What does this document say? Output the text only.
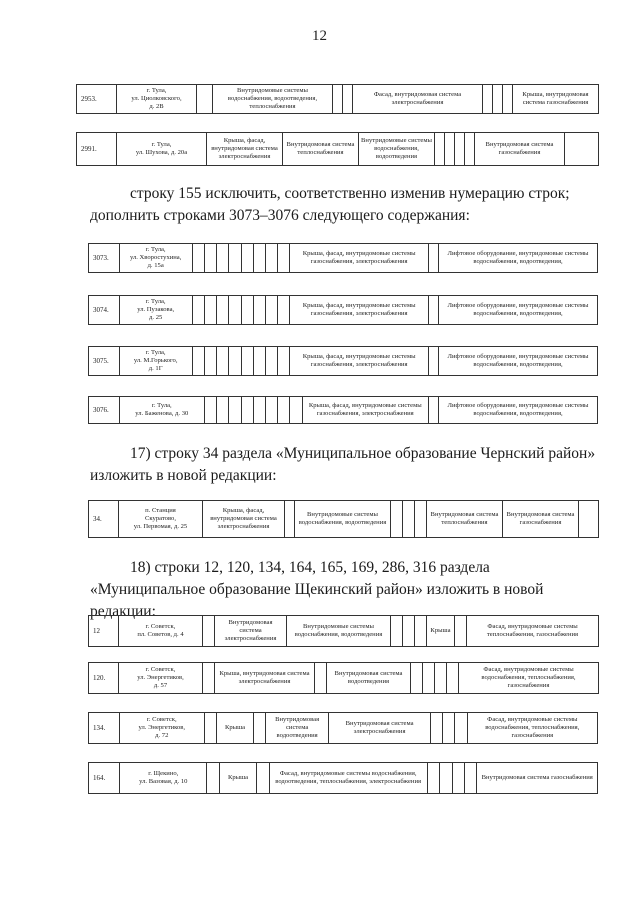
12
2953.	г. Тула,
ул. Циолковского,
д. 2В		Внутридомовые системы водоснабжения, водоотведения, теплоснабжения			Фасад, внутридомовая система электроснабжения				Крыша, внутридомовая система газоснабжения
2991.	г. Тула,
ул. Шухова, д. 20а	Крыша, фасад, внутридомовая система электроснабжения	Внутридомовая система теплоснабжения	Внутридомовые системы водоснабжения, водоотведения					Внутридомовая система газоснабжения	
строку 155 исключить, соответственно изменив нумерацию строк; дополнить строками 3073–3076 следующего содержания:
3073.	г. Тула,
ул. Хворостухина,
д. 15а									Крыша, фасад, внутридомовые системы газоснабжения, электроснабжения		Лифтовое оборудование, внутридомовые системы водоснабжения, водоотведения,
3074.	г. Тула,
ул. Пузакова,
д. 25									Крыша, фасад, внутридомовые системы газоснабжения, электроснабжения		Лифтовое оборудование, внутридомовые системы водоснабжения, водоотведения,
3075.	г. Тула,
ул. М.Горького,
д. 1Г									Крыша, фасад, внутридомовые системы газоснабжения, электроснабжения		Лифтовое оборудование, внутридомовые системы водоснабжения, водоотведения,
3076.	г. Тула,
ул. Баженова, д. 30									Крыша, фасад, внутридомовые системы газоснабжения, электроснабжения		Лифтовое оборудование, внутридомовые системы водоснабжения, водоотведения,
17) строку 34 раздела «Муниципальное образование Чернский район» изложить в новой редакции:
34.	п. Станция
Скуратово,
ул. Первомая, д. 25	Крыша, фасад, внутридомовая система электроснабжения		Внутридомовые системы водоснабжения, водоотведения				Внутридомовая система теплоснабжения	Внутридомовая система газоснабжения	
18) строки 12, 120, 134, 164, 165, 169, 286, 316 раздела «Муниципальное образование Щекинский район» изложить в новой редакции:
12	г. Советск,
пл. Советов, д. 4		Внутридомовая система электроснабжения	Внутридомовые системы водоснабжения, водоотведения				Крыша		Фасад, внутридомовые системы теплоснабжения, газоснабжения
120.	г. Советск,
ул. Энергетиков,
д. 57		Крыша, внутридомовая система электроснабжения		Внутридомовая система водоотведения					Фасад, внутридомовые системы водоснабжения, теплоснабжения, газоснабжения
134.	г. Советск,
ул. Энергетиков,
д. 72		Крыша		Внутридомовая система водоотведения	Внутридомовая система электроснабжения				Фасад, внутридомовые системы водоснабжения, теплоснабжения, газоснабжения
164.	г. Щекино,
ул. Вазовая, д. 10		Крыша		Фасад, внутридомовые системы водоснабжения, водоотведения, теплоснабжения, электроснабжения					Внутридомовая система газоснабжения
